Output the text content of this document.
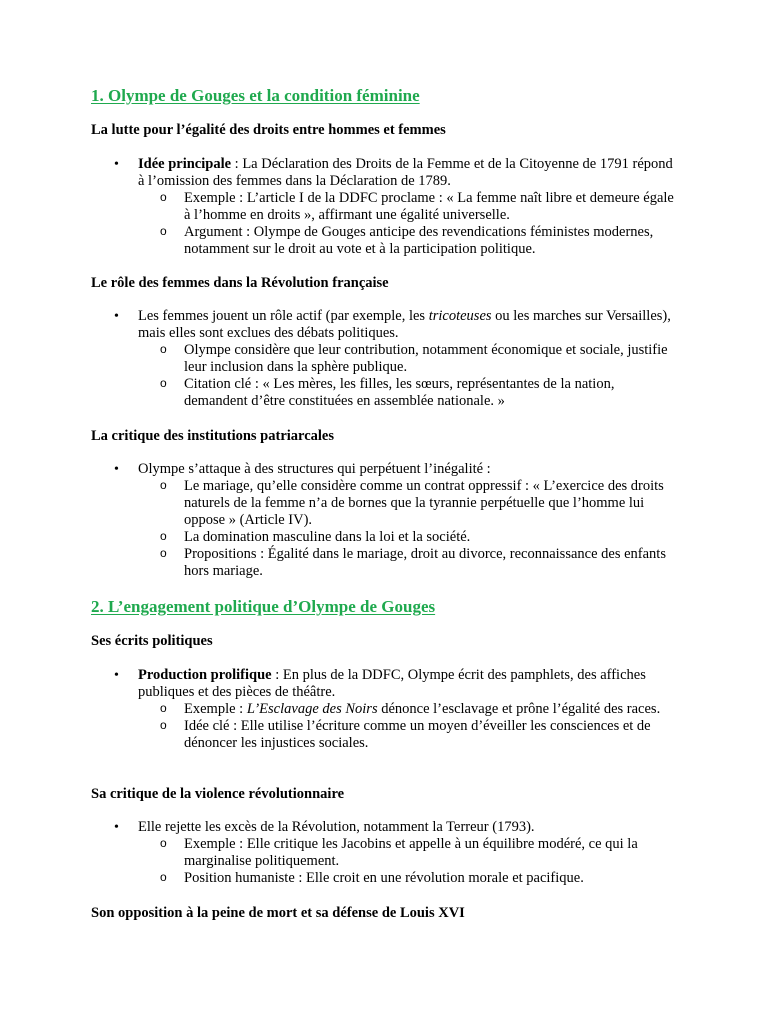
1. Olympe de Gouges et la condition féminine
La lutte pour l’égalité des droits entre hommes et femmes
• Idée principale : La Déclaration des Droits de la Femme et de la Citoyenne de 1791 répond à l’omission des femmes dans la Déclaration de 1789.
o Exemple : L’article I de la DDFC proclame : « La femme naît libre et demeure égale à l’homme en droits », affirmant une égalité universelle.
o Argument : Olympe de Gouges anticipe des revendications féministes modernes, notamment sur le droit au vote et à la participation politique.
Le rôle des femmes dans la Révolution française
• Les femmes jouent un rôle actif (par exemple, les tricoteuses ou les marches sur Versailles), mais elles sont exclues des débats politiques.
o Olympe considère que leur contribution, notamment économique et sociale, justifie leur inclusion dans la sphère publique.
o Citation clé : « Les mères, les filles, les sœurs, représentantes de la nation, demandent d’être constituées en assemblée nationale. »
La critique des institutions patriarcales
• Olympe s’attaque à des structures qui perpétuent l’inégalité :
o Le mariage, qu’elle considère comme un contrat oppressif : « L’exercice des droits naturels de la femme n’a de bornes que la tyrannie perpétuelle que l’homme lui oppose » (Article IV).
o La domination masculine dans la loi et la société.
o Propositions : Égalité dans le mariage, droit au divorce, reconnaissance des enfants hors mariage.
2. L’engagement politique d’Olympe de Gouges
Ses écrits politiques
• Production prolifique : En plus de la DDFC, Olympe écrit des pamphlets, des affiches publiques et des pièces de théâtre.
o Exemple : L’Esclavage des Noirs dénonce l’esclavage et prône l’égalité des races.
o Idée clé : Elle utilise l’écriture comme un moyen d’éveiller les consciences et de dénoncer les injustices sociales.
Sa critique de la violence révolutionnaire
• Elle rejette les excès de la Révolution, notamment la Terreur (1793).
o Exemple : Elle critique les Jacobins et appelle à un équilibre modéré, ce qui la marginalise politiquement.
o Position humaniste : Elle croit en une révolution morale et pacifique.
Son opposition à la peine de mort et sa défense de Louis XVI
